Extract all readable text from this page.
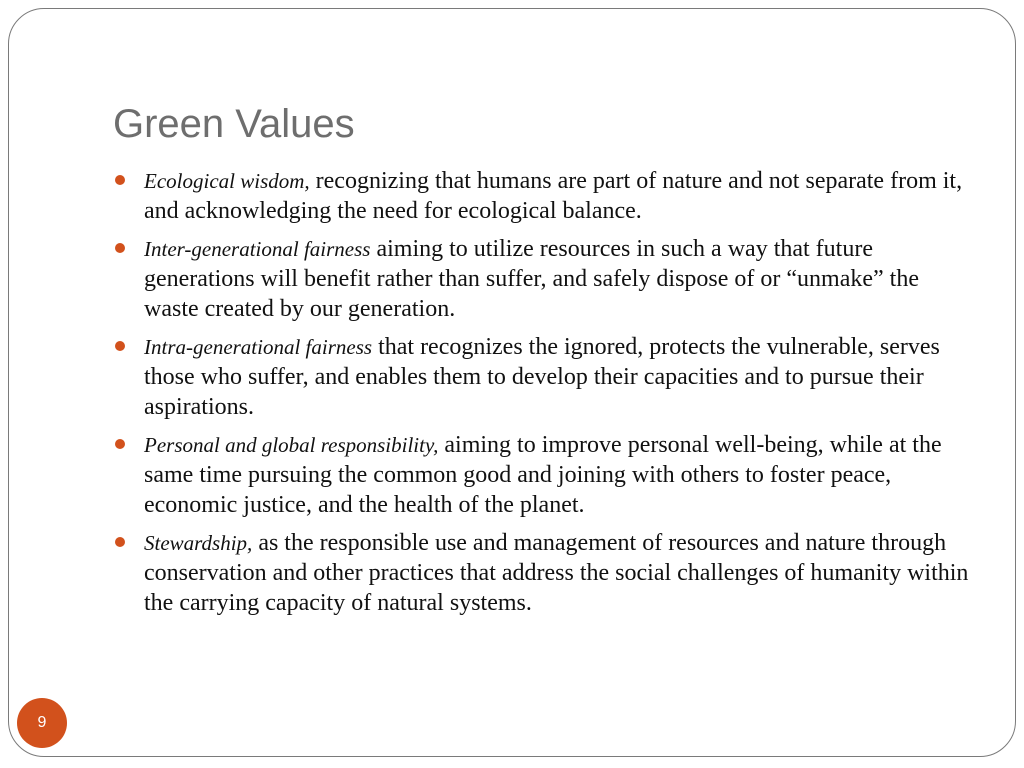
Green Values
Ecological wisdom, recognizing that humans are part of nature and not separate from it, and acknowledging the need for ecological balance.
Inter-generational fairness aiming to utilize resources in such a way that future generations will benefit rather than suffer, and safely dispose of or “unmake” the waste created by our generation.
Intra-generational fairness that recognizes the ignored, protects the vulnerable, serves those who suffer, and enables them to develop their capacities and to pursue their aspirations.
Personal and global responsibility, aiming to improve personal well-being, while at the same time pursuing the common good and joining with others to foster peace, economic justice, and the health of the planet.
Stewardship, as the responsible use and management of resources and nature through conservation and other practices that address the social challenges of humanity within the carrying capacity of natural systems.
9
